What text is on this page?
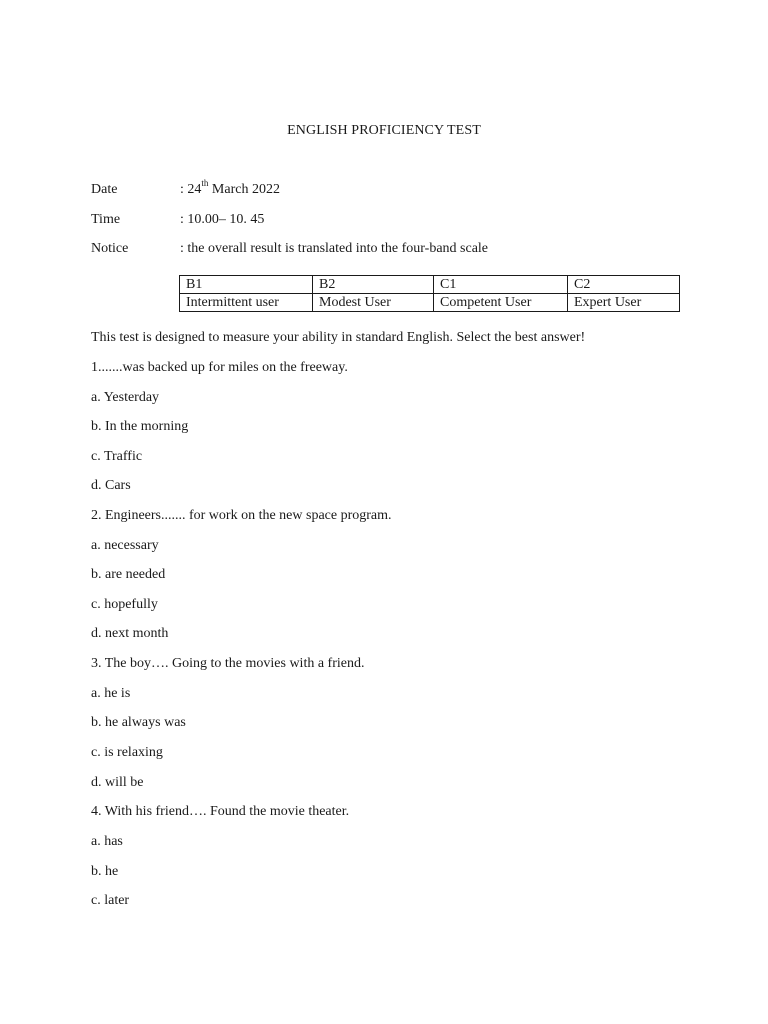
ENGLISH PROFICIENCY TEST
Date	: 24th March 2022
Time	: 10.00– 10. 45
Notice	: the overall result is translated into the four-band scale
B1	B2	C1	C2
Intermittent user	Modest User	Competent User	Expert User
This test is designed to measure your ability in standard English. Select the best answer!
1.......was backed up for miles on the freeway.
a. Yesterday
b. In the morning
c. Traffic
d. Cars
2. Engineers....... for work on the new space program.
a. necessary
b. are needed
c. hopefully
d. next month
3. The boy…. Going to the movies with a friend.
a. he is
b. he always was
c. is relaxing
d. will be
4. With his friend…. Found the movie theater.
a. has
b. he
c. later
